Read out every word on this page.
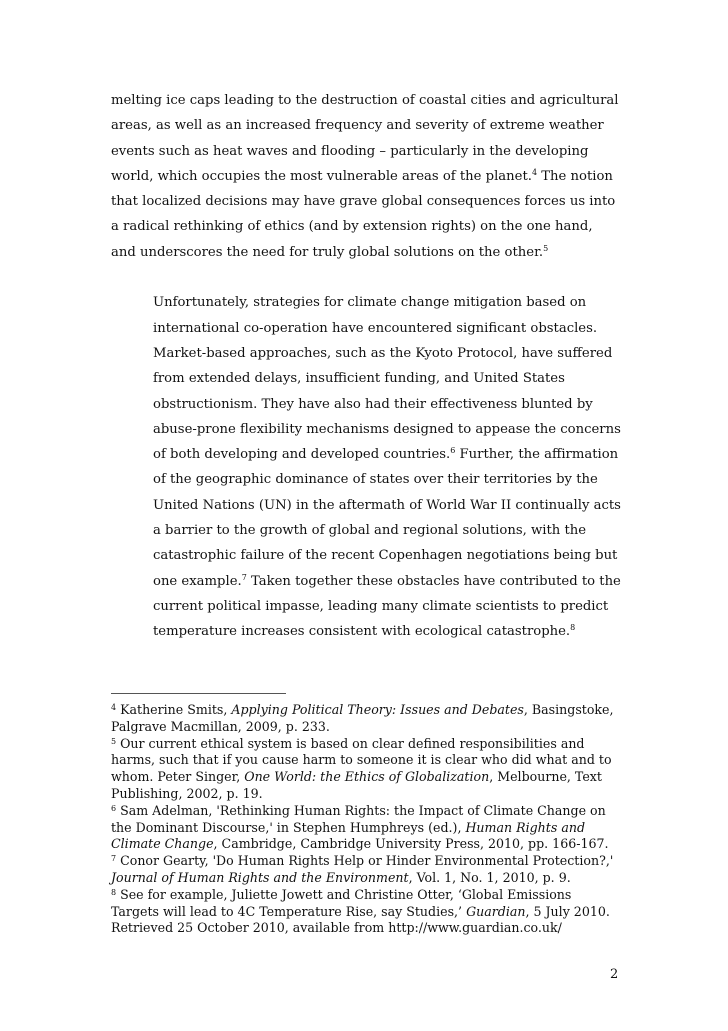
melting ice caps leading to the destruction of coastal cities and agricultural areas, as well as an increased frequency and severity of extreme weather events such as heat waves and flooding – particularly in the developing world, which occupies the most vulnerable areas of the planet.$^4$ The notion that localized decisions may have grave global consequences forces us into a radical rethinking of ethics (and by extension rights) on the one hand, and underscores the need for truly global solutions on the other.$^5$

Unfortunately, strategies for climate change mitigation based on international co-operation have encountered significant obstacles. Market-based approaches, such as the Kyoto Protocol, have suffered from extended delays, insufficient funding, and United States obstructionism. They have also had their effectiveness blunted by abuse-prone flexibility mechanisms designed to appease the concerns of both developing and developed countries.$^6$ Further, the affirmation of the geographic dominance of states over their territories by the United Nations (UN) in the aftermath of World War II continually acts a barrier to the growth of global and regional solutions, with the catastrophic failure of the recent Copenhagen negotiations being but one example.$^7$ Taken together these obstacles have contributed to the current political impasse, leading many climate scientists to predict temperature increases consistent with ecological catastrophe.$^8$

$^4$ Katherine Smits, Applying Political Theory: Issues and Debates, Basingstoke, Palgrave Macmillan, 2009, p. 233.

$^5$ Our current ethical system is based on clear defined responsibilities and harms, such that if you cause harm to someone it is clear who did what and to whom. Peter Singer, One World: the Ethics of Globalization, Melbourne, Text Publishing, 2002, p. 19.

$^6$ Sam Adelman, 'Rethinking Human Rights: the Impact of Climate Change on the Dominant Discourse,' in Stephen Humphreys (ed.), Human Rights and Climate Change, Cambridge, Cambridge University Press, 2010, pp. 166-167.

$^7$ Conor Gearty, 'Do Human Rights Help or Hinder Environmental Protection?,' Journal of Human Rights and the Environment, Vol. 1, No. 1, 2010, p. 9.

$^8$ See for example, Juliette Jowett and Christine Otter, ‘Global Emissions Targets will lead to 4C Temperature Rise, say Studies,’ Guardian, 5 July 2010. Retrieved 25 October 2010, available from http://www.guardian.co.uk/

2
